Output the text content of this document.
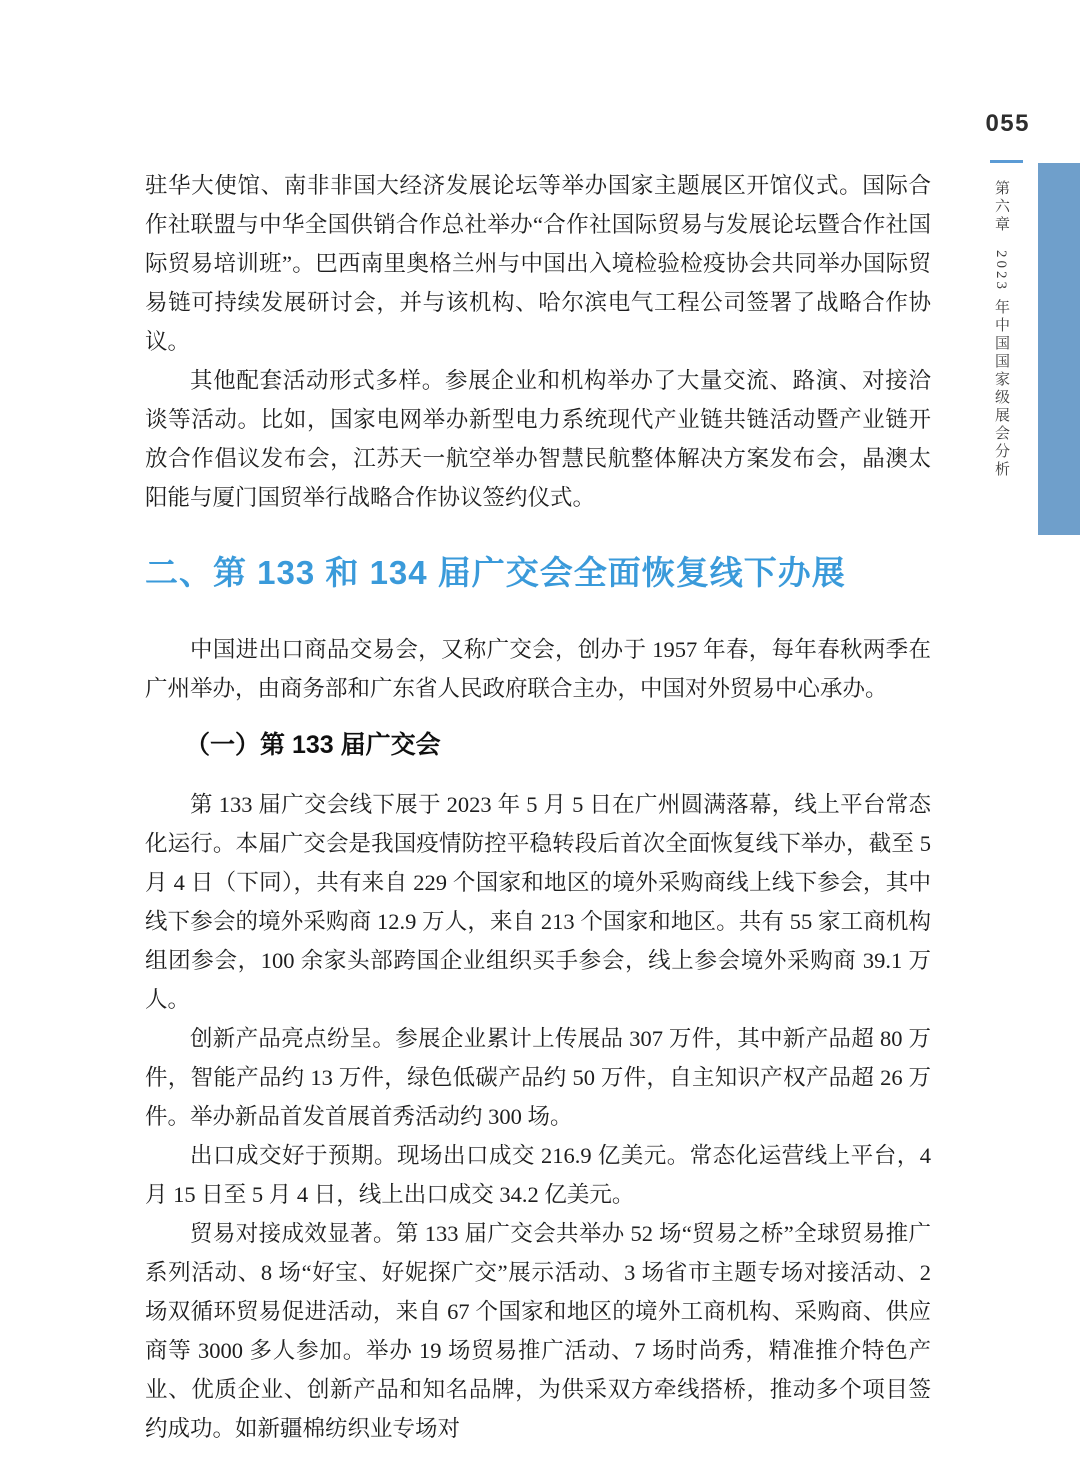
055
第六章2023 年中国国家级展会分析

驻华大使馆、南非非国大经济发展论坛等举办国家主题展区开馆仪式。国际合作社联盟与中华全国供销合作总社举办“合作社国际贸易与发展论坛暨合作社国际贸易培训班”。巴西南里奥格兰州与中国出入境检验检疫协会共同举办国际贸易链可持续发展研讨会，并与该机构、哈尔滨电气工程公司签署了战略合作协议。

其他配套活动形式多样。参展企业和机构举办了大量交流、路演、对接洽谈等活动。比如，国家电网举办新型电力系统现代产业链共链活动暨产业链开放合作倡议发布会，江苏天一航空举办智慧民航整体解决方案发布会，晶澳太阳能与厦门国贸举行战略合作协议签约仪式。

二、第 133 和 134 届广交会全面恢复线下办展

中国进出口商品交易会，又称广交会，创办于 1957 年春，每年春秋两季在广州举办，由商务部和广东省人民政府联合主办，中国对外贸易中心承办。

（一）第 133 届广交会

第 133 届广交会线下展于 2023 年 5 月 5 日在广州圆满落幕，线上平台常态化运行。本届广交会是我国疫情防控平稳转段后首次全面恢复线下举办，截至 5 月 4 日（下同），共有来自 229 个国家和地区的境外采购商线上线下参会，其中线下参会的境外采购商 12.9 万人，来自 213 个国家和地区。共有 55 家工商机构组团参会，100 余家头部跨国企业组织买手参会，线上参会境外采购商 39.1 万人。

创新产品亮点纷呈。参展企业累计上传展品 307 万件，其中新产品超 80 万件，智能产品约 13 万件，绿色低碳产品约 50 万件，自主知识产权产品超 26 万件。举办新品首发首展首秀活动约 300 场。

出口成交好于预期。现场出口成交 216.9 亿美元。常态化运营线上平台，4 月 15 日至 5 月 4 日，线上出口成交 34.2 亿美元。

贸易对接成效显著。第 133 届广交会共举办 52 场“贸易之桥”全球贸易推广系列活动、8 场“好宝、好妮探广交”展示活动、3 场省市主题专场对接活动、2 场双循环贸易促进活动，来自 67 个国家和地区的境外工商机构、采购商、供应商等 3000 多人参加。举办 19 场贸易推广活动、7 场时尚秀，精准推介特色产业、优质企业、创新产品和知名品牌，为供采双方牵线搭桥，推动多个项目签约成功。如新疆棉纺织业专场对
